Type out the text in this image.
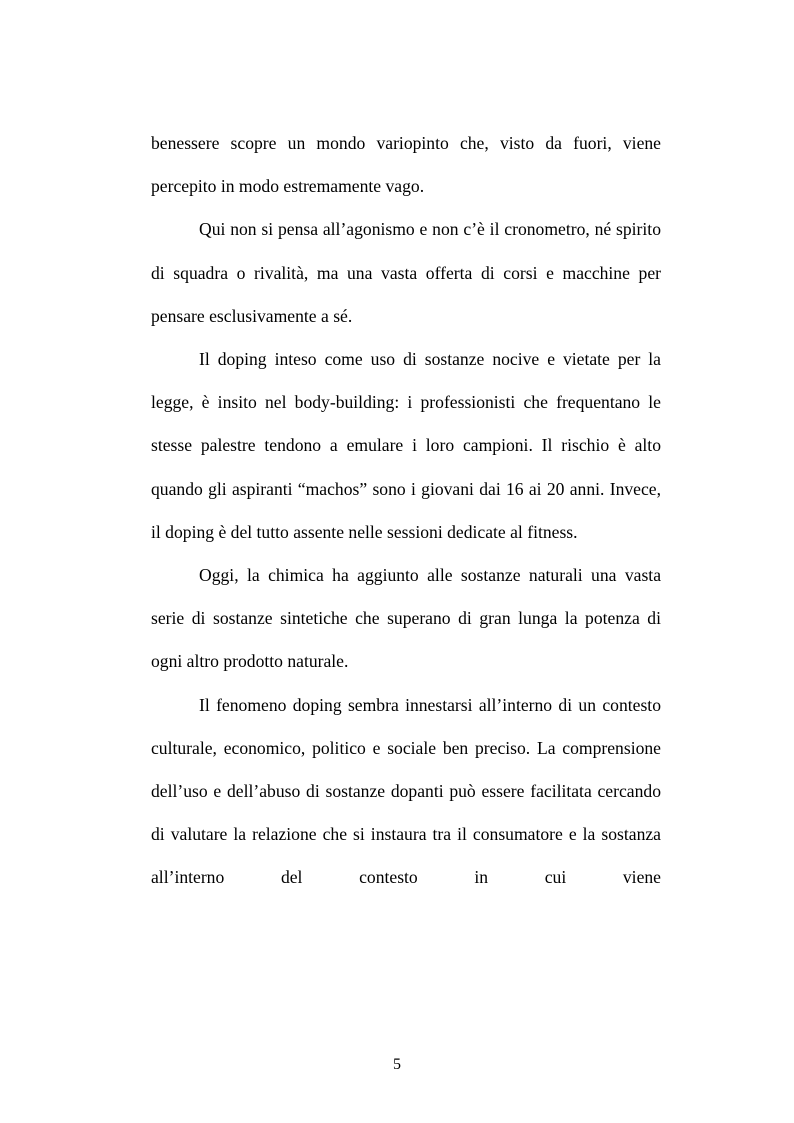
benessere scopre un mondo variopinto che, visto da fuori, viene percepito in modo estremamente vago.

Qui non si pensa all’agonismo e non c’è il cronometro, né spirito di squadra o rivalità, ma una vasta offerta di corsi e macchine per pensare esclusivamente a sé.

Il doping inteso come uso di sostanze nocive e vietate per la legge, è insito nel body-building: i professionisti che frequentano le stesse palestre tendono a emulare i loro campioni. Il rischio è alto quando gli aspiranti “machos” sono i giovani dai 16 ai 20 anni. Invece, il doping è del tutto assente nelle sessioni dedicate al fitness.

Oggi, la chimica ha aggiunto alle sostanze naturali una vasta serie di sostanze sintetiche che superano di gran lunga la potenza di ogni altro prodotto naturale.

Il fenomeno doping sembra innestarsi all’interno di un contesto culturale, economico, politico e sociale ben preciso. La comprensione dell’uso e dell’abuso di sostanze dopanti può essere facilitata cercando di valutare la relazione che si instaura tra il consumatore e la sostanza all’interno del contesto in cui viene

5
